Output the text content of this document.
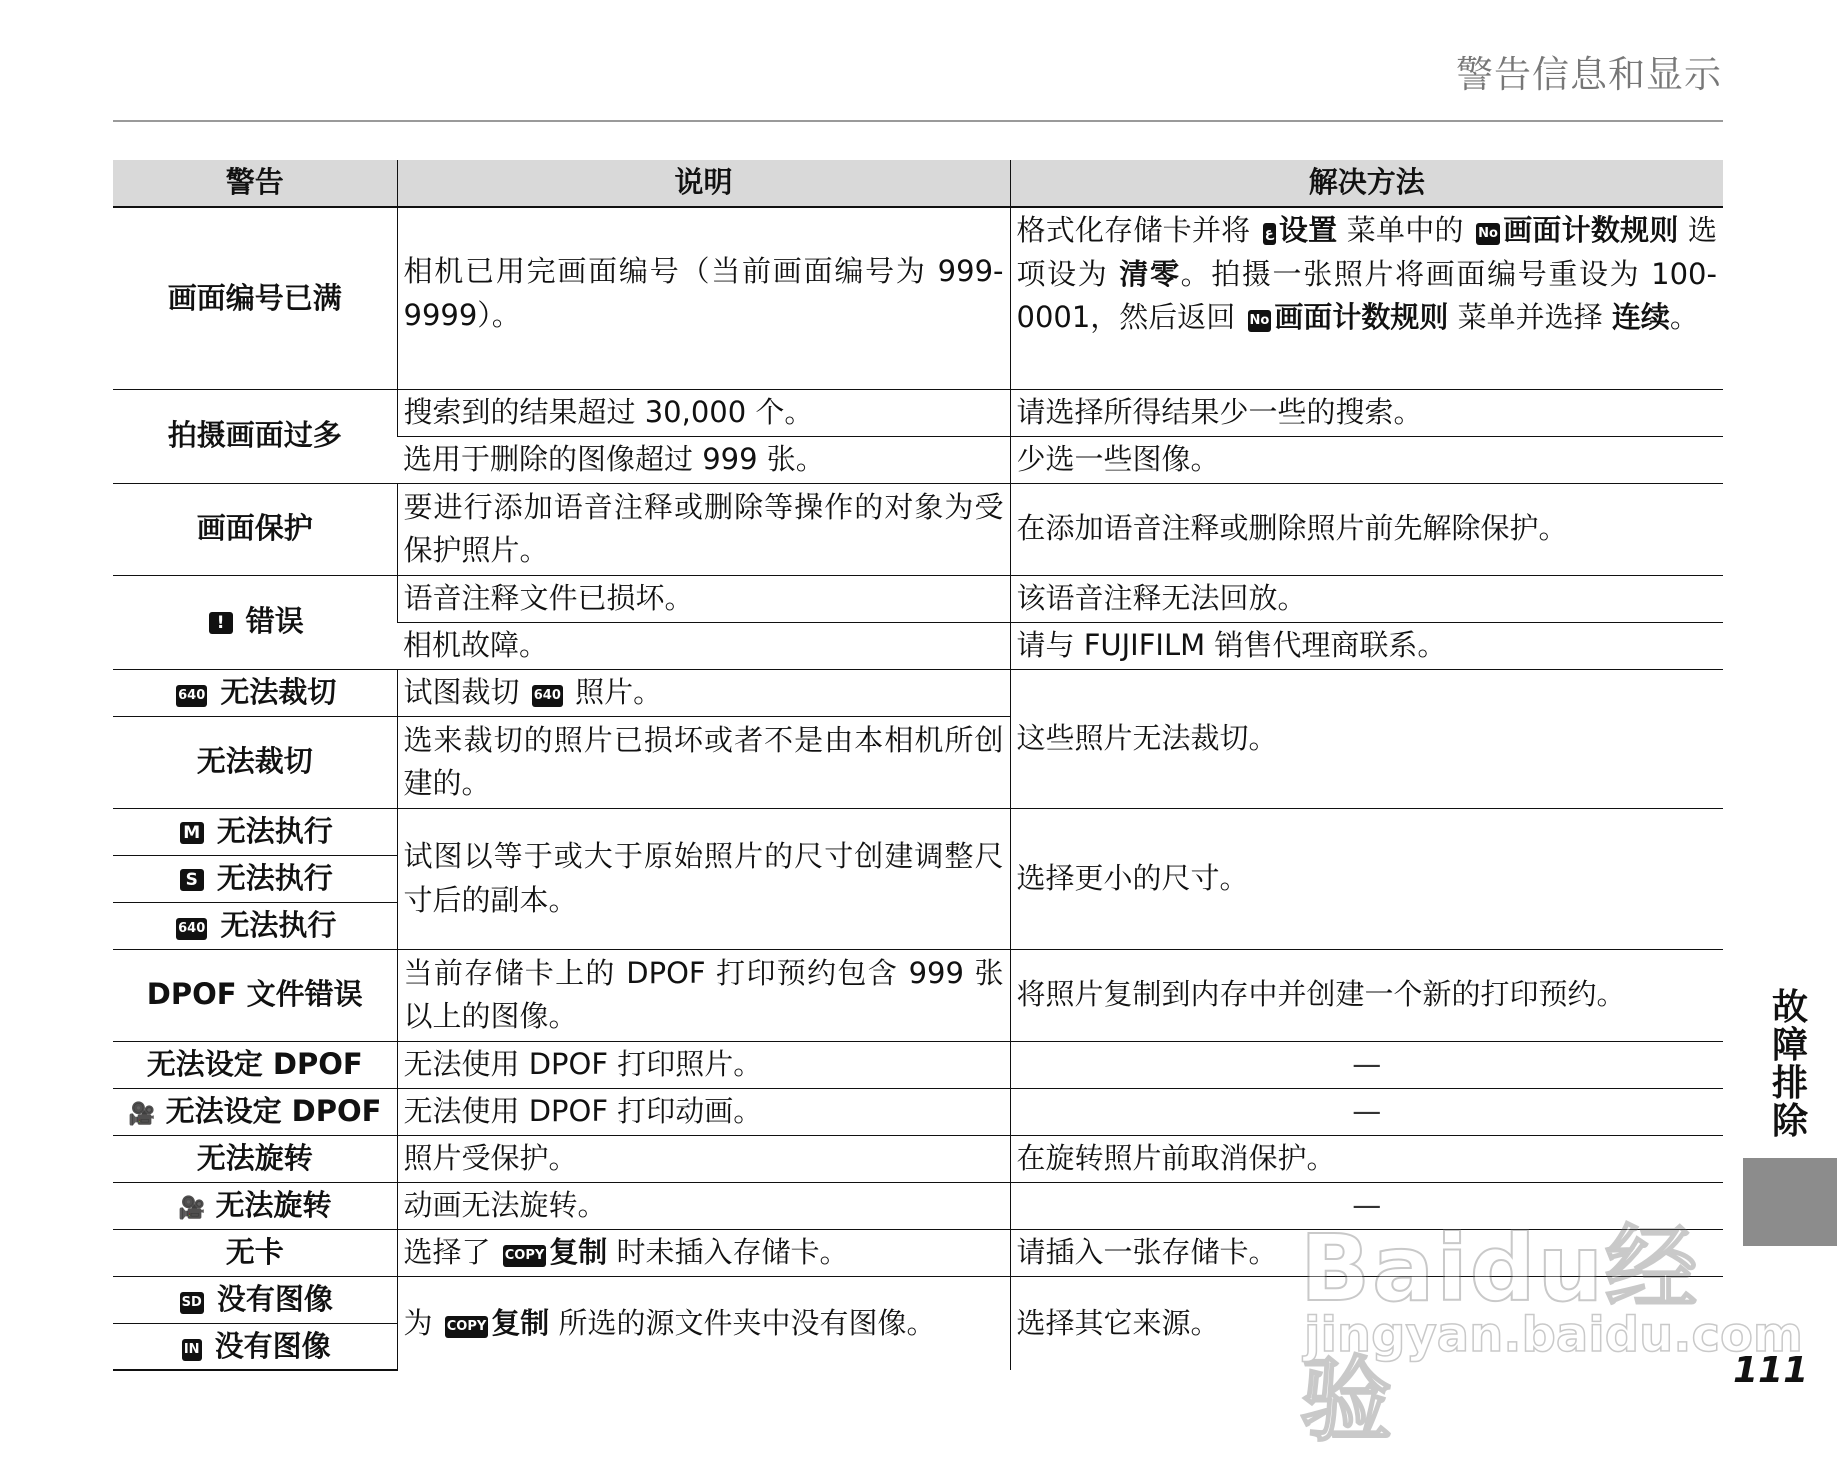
警告信息和显示
警告	说明	解决方法
画面编号已满	相机已用完画面编号（当前画面编号为 999-9999）。	格式化存储卡并将 ع 设置 菜单中的 No 画面计数规则 选项设为 清零。拍摄一张照片将画面编号重设为 100-0001，然后返回 No 画面计数规则 菜单并选择 连续。
拍摄画面过多	搜索到的结果超过 30,000 个。	请选择所得结果少一些的搜索。
	选用于删除的图像超过 999 张。	少选一些图像。
画面保护	要进行添加语音注释或删除等操作的对象为受保护照片。	在添加语音注释或删除照片前先解除保护。
! 错误	语音注释文件已损坏。	该语音注释无法回放。
	相机故障。	请与 FUJIFILM 销售代理商联系。
640 无法裁切	试图裁切 640 照片。	这些照片无法裁切。
无法裁切	选来裁切的照片已损坏或者不是由本相机所创建的。	
M 无法执行	试图以等于或大于原始照片的尺寸创建调整尺寸后的副本。	选择更小的尺寸。
S 无法执行		
640 无法执行		
DPOF 文件错误	当前存储卡上的 DPOF 打印预约包含 999 张以上的图像。	将照片复制到内存中并创建一个新的打印预约。
无法设定 DPOF	无法使用 DPOF 打印照片。	—
🎥 无法设定 DPOF	无法使用 DPOF 打印动画。	—
无法旋转	照片受保护。	在旋转照片前取消保护。
🎥 无法旋转	动画无法旋转。	—
无卡	选择了 COPY 复制 时未插入存储卡。	请插入一张存储卡。
SD 没有图像	为 COPY 复制 所选的源文件夹中没有图像。	选择其它来源。
IN 没有图像		
故
障
排
除
111
Baidu经验
jingyan.baidu.com
